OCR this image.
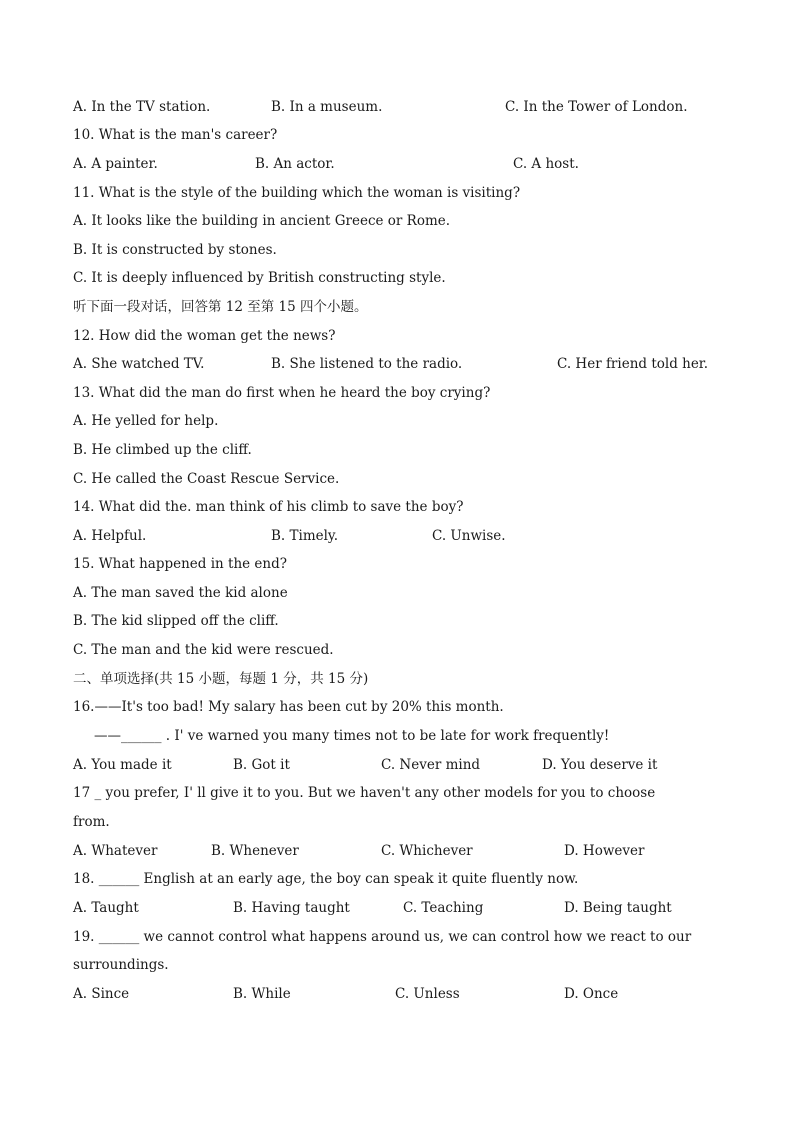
A. In the TV station.	B. In a museum.	C. In the Tower of London.
10. What is the man's career?
A. A painter.	B. An actor.	C. A host.
11. What is the style of the building which the woman is visiting?
A. It looks like the building in ancient Greece or Rome.
B. It is constructed by stones.
C. It is deeply influenced by British constructing style.
听下面一段对话，回答第 12 至第 15 四个小题。
12. How did the woman get the news?
A. She watched TV.	B. She listened to the radio.	C. Her friend told her.
13. What did the man do first when he heard the boy crying?
A. He yelled for help.
B. He climbed up the cliff.
C. He called the Coast Rescue Service.
14. What did the. man think of his climb to save the boy?
A. Helpful.	B. Timely.	C. Unwise.
15. What happened in the end?
A. The man saved the kid alone
B. The kid slipped off the cliff.
C. The man and the kid were rescued.
二、单项选择(共 15 小题，每题 1 分，共 15 分)
16.——It's too bad! My salary has been cut by 20% this month.
——______ . I' ve warned you many times not to be late for work frequently!
A. You made it	B. Got it	C. Never mind	D. You deserve it
17 _ you prefer, I' ll give it to you. But we haven't any other models for you to choose
from.
A. Whatever	B. Whenever	C. Whichever	D. However
18. ______ English at an early age, the boy can speak it quite fluently now.
A. Taught	B. Having taught	C. Teaching	D. Being taught
19. ______ we cannot control what happens around us, we can control how we react to our
surroundings.
A. Since	B. While	C. Unless	D. Once
